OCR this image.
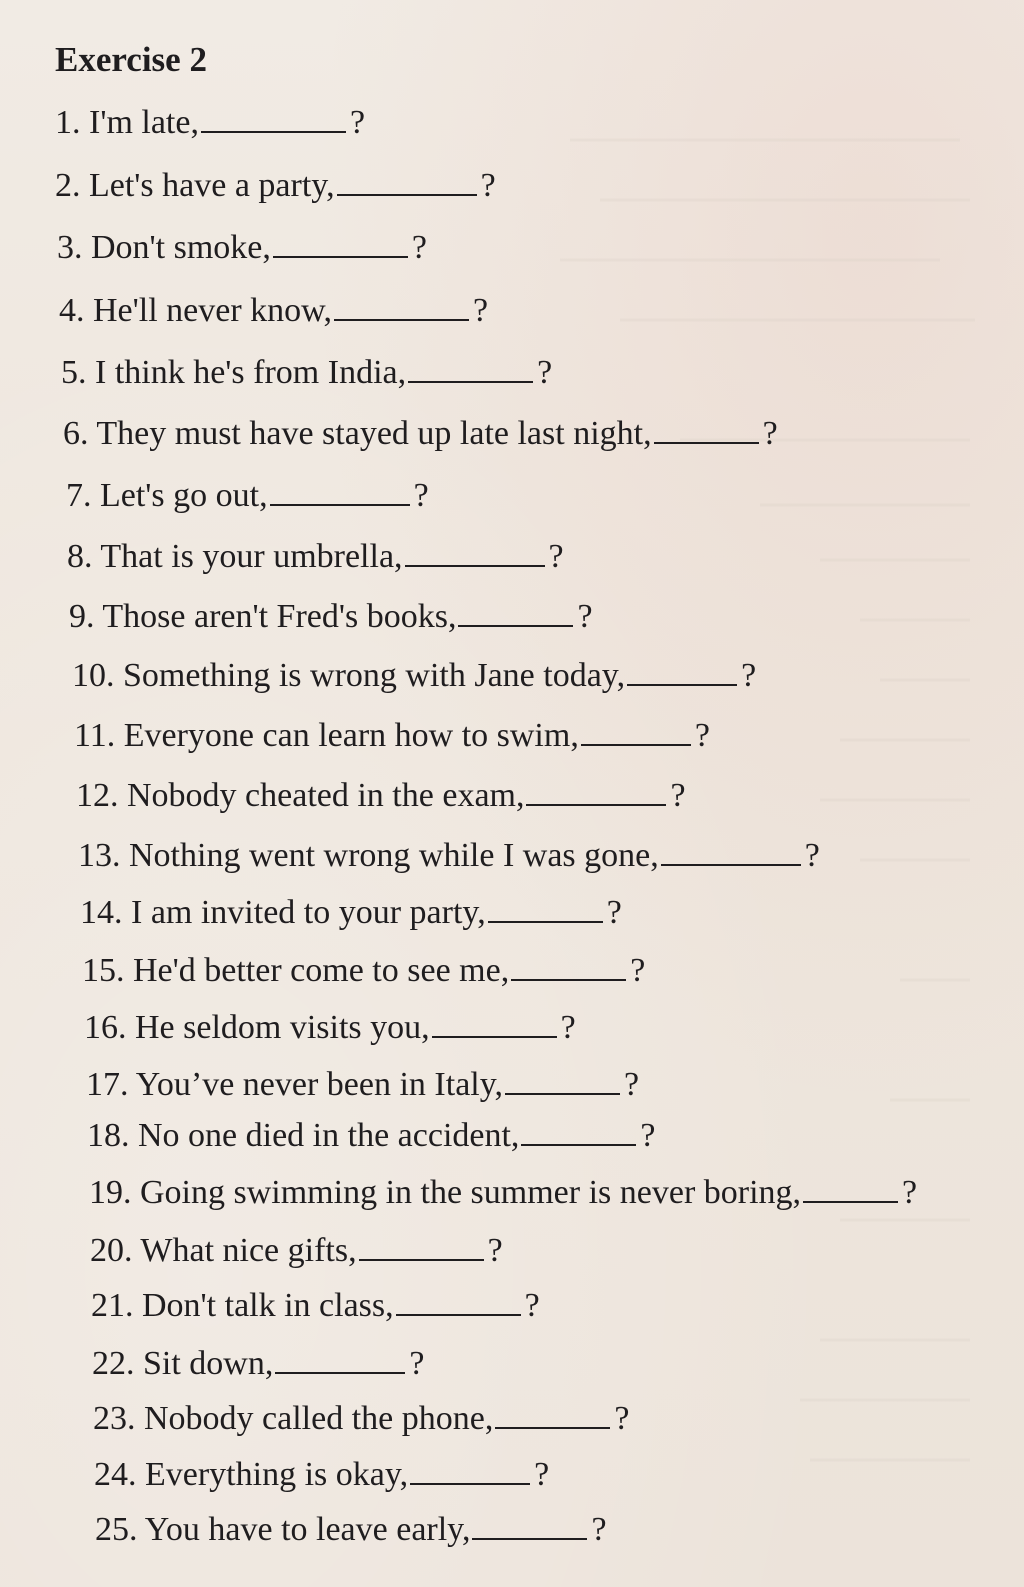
Exercise 2
1. I'm late,	?
2. Let's have a party,	?
3. Don't smoke,	?
4. He'll never know,	?
5. I think he's from India,	?
6. They must have stayed up late last night,	?
7. Let's go out,	?
8. That is your umbrella,	?
9. Those aren't Fred's books,	?
10. Something is wrong with Jane today,	?
11. Everyone can learn how to swim,	?
12. Nobody cheated in the exam,	?
13. Nothing went wrong while I was gone,	?
14. I am invited to your party,	?
15. He'd better come to see me,	?
16. He seldom visits you,	?
17. You’ve never been in Italy,	?
18. No one died in the accident,	?
19. Going swimming in the summer is never boring,	?
20. What nice gifts,	?
21. Don't talk in class,	?
22. Sit down,	?
23. Nobody called the phone,	?
24. Everything is okay,	?
25. You have to leave early,	?
